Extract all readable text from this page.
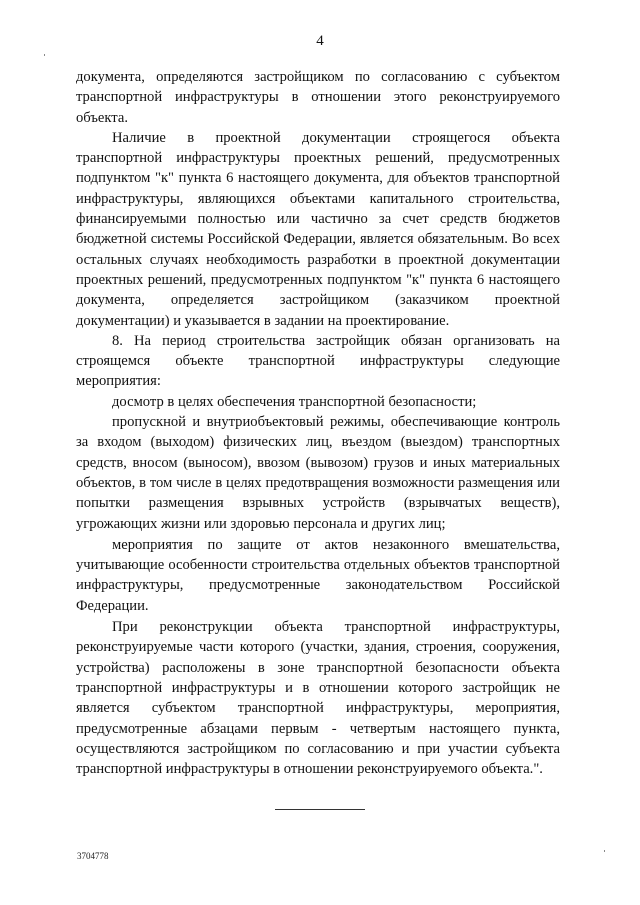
4

документа, определяются застройщиком по согласованию с субъектом транспортной инфраструктуры в отношении этого реконструируемого объекта.

Наличие в проектной документации строящегося объекта транспортной инфраструктуры проектных решений, предусмотренных подпунктом "к" пункта 6 настоящего документа, для объектов транспортной инфраструктуры, являющихся объектами капитального строительства, финансируемыми полностью или частично за счет средств бюджетов бюджетной системы Российской Федерации, является обязательным. Во всех остальных случаях необходимость разработки в проектной документации проектных решений, предусмотренных подпунктом "к" пункта 6 настоящего документа, определяется застройщиком (заказчиком проектной документации) и указывается в задании на проектирование.

8. На период строительства застройщик обязан организовать на строящемся объекте транспортной инфраструктуры следующие мероприятия:

досмотр в целях обеспечения транспортной безопасности;

пропускной и внутриобъектовый режимы, обеспечивающие контроль за входом (выходом) физических лиц, въездом (выездом) транспортных средств, вносом (выносом), ввозом (вывозом) грузов и иных материальных объектов, в том числе в целях предотвращения возможности размещения или попытки размещения взрывных устройств (взрывчатых веществ), угрожающих жизни или здоровью персонала и других лиц;

мероприятия по защите от актов незаконного вмешательства, учитывающие особенности строительства отдельных объектов транспортной инфраструктуры, предусмотренные законодательством Российской Федерации.

При реконструкции объекта транспортной инфраструктуры, реконструируемые части которого (участки, здания, строения, сооружения, устройства) расположены в зоне транспортной безопасности объекта транспортной инфраструктуры и в отношении которого застройщик не является субъектом транспортной инфраструктуры, мероприятия, предусмотренные абзацами первым - четвертым настоящего пункта, осуществляются застройщиком по согласованию и при участии субъекта транспортной инфраструктуры в отношении реконструируемого объекта.".

3704778
